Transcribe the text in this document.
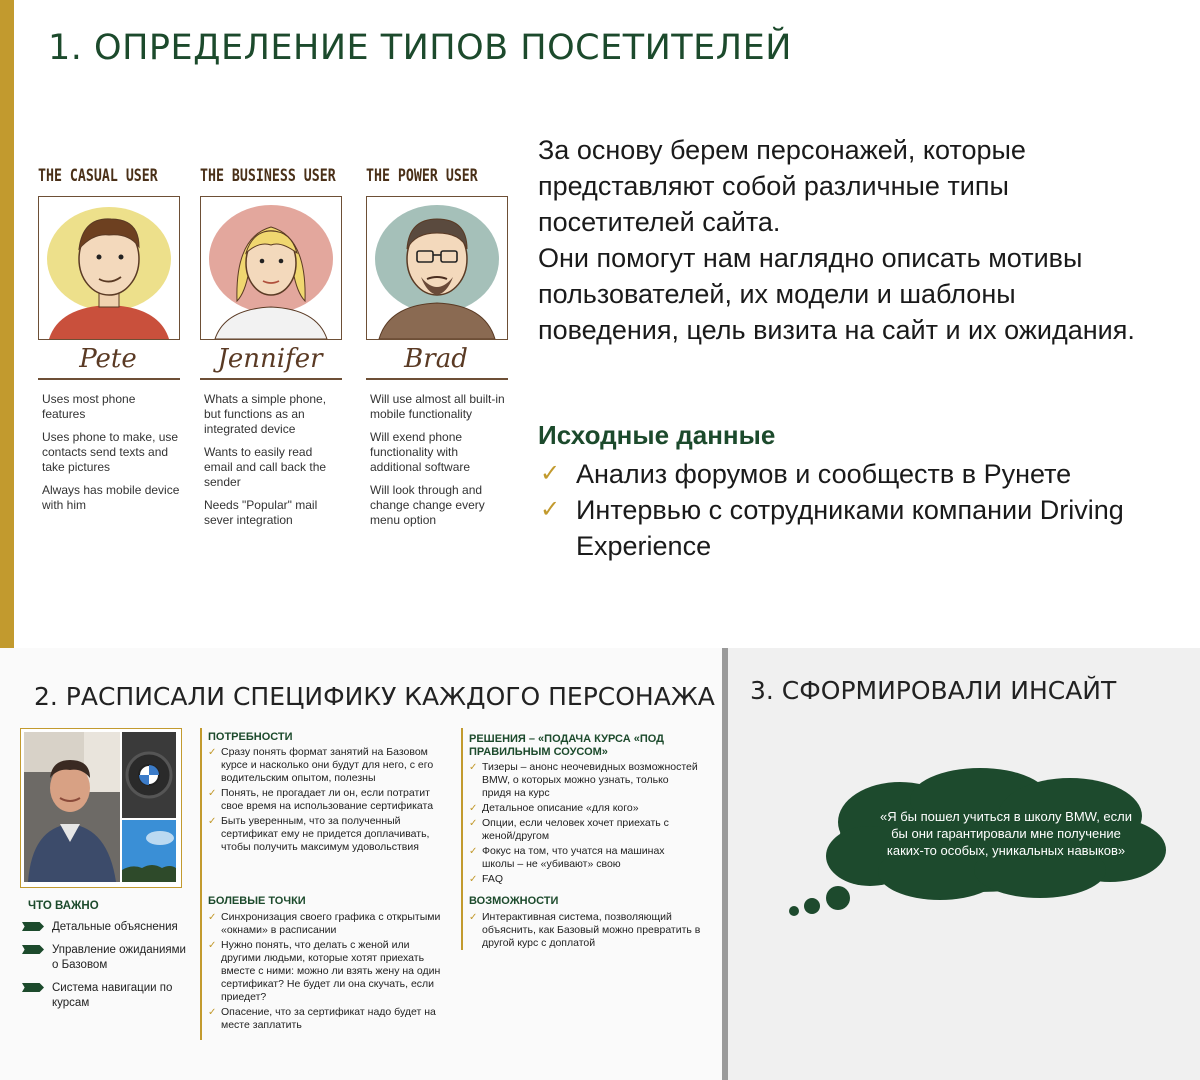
1. ОПРЕДЕЛЕНИЕ ТИПОВ ПОСЕТИТЕЛЕЙ
THE CASUAL USER
Pete
Uses most phone features
Uses phone to make, use contacts send texts and take pictures
Always has mobile device with him
THE BUSINESS USER
Jennifer
Whats a simple phone, but functions as an integrated device
Wants to easily read email and call back the sender
Needs "Popular" mail sever integration
THE POWER USER
Brad
Will use almost all built-in mobile functionality
Will exend phone functionality with additional software
Will look through and change change every menu option

За основу берем персонажей, которые представляют собой различные типы посетителей сайта.

Они помогут нам наглядно описать мотивы пользователей, их модели и шаблоны поведения, цель визита на сайт и их ожидания.

Исходные данные
✓ Анализ форумов и сообществ в Рунете
✓ Интервью с сотрудниками компании Driving Experience
2. РАСПИСАЛИ СПЕЦИФИКУ КАЖДОГО ПЕРСОНАЖА
ЧТО ВАЖНО
Детальные объяснения
Управление ожиданиями о Базовом
Система навигации по курсам
ПОТРЕБНОСТИ
✓ Сразу понять формат занятий на Базовом курсе и насколько они будут для него, с его водительским опытом, полезны
✓ Понять, не прогадает ли он, если потратит свое время на использование сертификата
✓ Быть уверенным, что за полученный сертификат ему не придется доплачивать, чтобы получить максимум удовольствия
БОЛЕВЫЕ ТОЧКИ
✓ Синхронизация своего графика с открытыми «окнами» в расписании
✓ Нужно понять, что делать с женой или другими людьми, которые хотят приехать вместе с ними: можно ли взять жену на один сертификат? Не будет ли она скучать, если приедет?
✓ Опасение, что за сертификат надо будет на месте заплатить
РЕШЕНИЯ – «ПОДАЧА КУРСА «ПОД ПРАВИЛЬНЫМ СОУСОМ»
✓ Тизеры – анонс неочевидных возможностей BMW, о которых можно узнать, только придя на курс
✓ Детальное описание «для кого»
✓ Опции, если человек хочет приехать с женой/другом
✓ Фокус на том, что учатся на машинах школы – не «убивают» свою
✓ FAQ
ВОЗМОЖНОСТИ
✓ Интерактивная система, позволяющий объяснить, как Базовый можно превратить в другой курс с доплатой
3. СФОРМИРОВАЛИ ИНСАЙТ
«Я бы пошел учиться в школу BMW, если бы они гарантировали мне получение каких-то особых, уникальных навыков»
